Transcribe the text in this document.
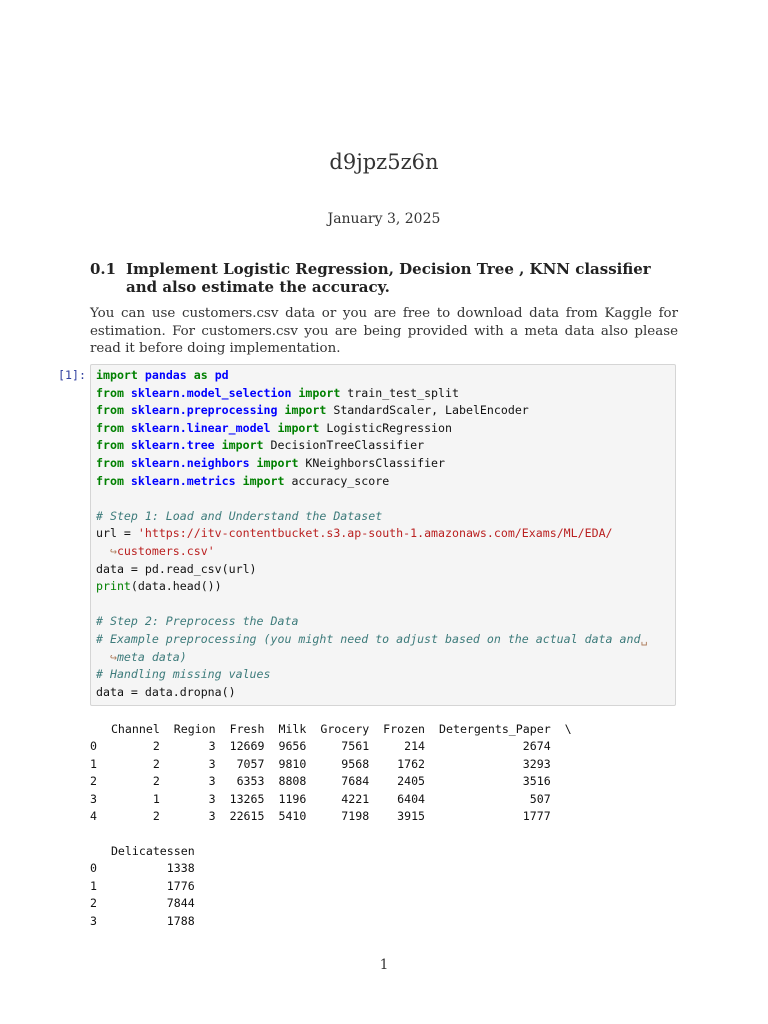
d9jpz5z6n
January 3, 2025
0.1 Implement Logistic Regression, Decision Tree , KNN classifier and also estimate the accuracy.
You can use customers.csv data or you are free to download data from Kaggle for estimation. For customers.csv you are being provided with a meta data also please read it before doing implementation.
[1]: import pandas as pd
from sklearn.model_selection import train_test_split
from sklearn.preprocessing import StandardScaler, LabelEncoder
from sklearn.linear_model import LogisticRegression
from sklearn.tree import DecisionTreeClassifier
from sklearn.neighbors import KNeighborsClassifier
from sklearn.metrics import accuracy_score

# Step 1: Load and Understand the Dataset
url = 'https://itv-contentbucket.s3.ap-south-1.amazonaws.com/Exams/ML/EDA/
↪customers.csv'
data = pd.read_csv(url)
print(data.head())

# Step 2: Preprocess the Data
# Example preprocessing (you might need to adjust based on the actual data and␣
↪meta data)
# Handling missing values
data = data.dropna()
Channel  Region  Fresh  Milk  Grocery  Frozen  Detergents_Paper  \
0        2       3  12669  9656     7561     214              2674
1        2       3   7057  9810     9568    1762              3293
2        2       3   6353  8808     7684    2405              3516
3        1       3  13265  1196     4221    6404               507
4        2       3  22615  5410     7198    3915              1777
Delicatessen
0          1338
1          1776
2          7844
3          1788
1
